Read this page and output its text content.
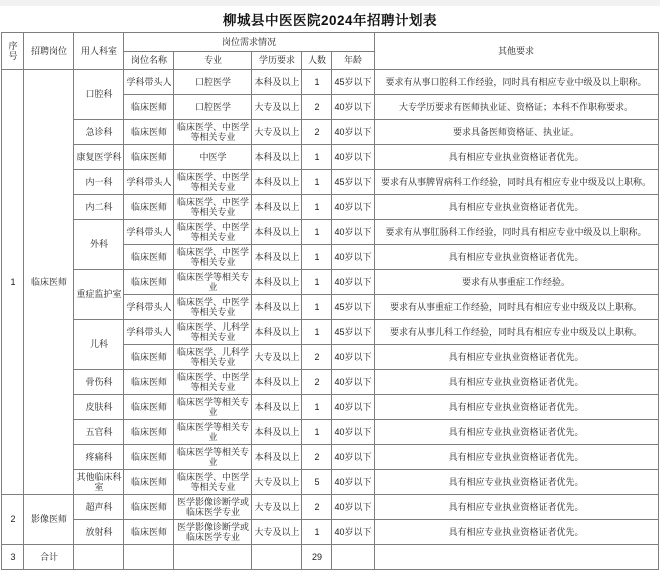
柳城县中医医院2024年招聘计划表
序号	招聘岗位	用人科室	岗位需求情况					其他要求
			岗位名称	专业	学历要求	人数	年龄	
1	临床医师	口腔科	学科带头人	口腔医学	本科及以上	1	45岁以下	要求有从事口腔科工作经验，同时具有相应专业中级及以上职称。
			临床医师	口腔医学	大专及以上	2	40岁以下	大专学历要求有医师执业证、资格证；本科不作职称要求。
		急诊科	临床医师	临床医学、中医学等相关专业	大专及以上	2	40岁以下	要求具备医师资格证、执业证。
		康复医学科	临床医师	中医学	本科及以上	1	40岁以下	具有相应专业执业资格证者优先。
		内一科	学科带头人	临床医学、中医学等相关专业	本科及以上	1	45岁以下	要求有从事脾胃病科工作经验，同时具有相应专业中级及以上职称。
		内二科	临床医师	临床医学、中医学等相关专业	本科及以上	1	40岁以下	具有相应专业执业资格证者优先。
		外科	学科带头人	临床医学、中医学等相关专业	本科及以上	1	40岁以下	要求有从事肛肠科工作经验，同时具有相应专业中级及以上职称。
			临床医师	临床医学、中医学等相关专业	本科及以上	1	40岁以下	具有相应专业执业资格证者优先。
		重症监护室	临床医师	临床医学等相关专业	本科及以上	1	40岁以下	要求有从事重症工作经验。
			学科带头人	临床医学、中医学等相关专业	本科及以上	1	45岁以下	要求有从事重症工作经验，同时具有相应专业中级及以上职称。
		儿科	学科带头人	临床医学、儿科学等相关专业	本科及以上	1	45岁以下	要求有从事儿科工作经验，同时具有相应专业中级及以上职称。
			临床医师	临床医学、儿科学等相关专业	大专及以上	2	40岁以下	具有相应专业执业资格证者优先。
		骨伤科	临床医师	临床医学、中医学等相关专业	本科及以上	2	40岁以下	具有相应专业执业资格证者优先。
		皮肤科	临床医师	临床医学等相关专业	本科及以上	1	40岁以下	具有相应专业执业资格证者优先。
		五官科	临床医师	临床医学等相关专业	本科及以上	1	40岁以下	具有相应专业执业资格证者优先。
		疼痛科	临床医师	临床医学等相关专业	本科及以上	2	40岁以下	具有相应专业执业资格证者优先。
		其他临床科室	临床医师	临床医学、中医学等相关专业	大专及以上	5	40岁以下	具有相应专业执业资格证者优先。
2	影像医师	超声科	临床医师	医学影像诊断学或临床医学专业	大专及以上	2	40岁以下	具有相应专业执业资格证者优先。
		放射科	临床医师	医学影像诊断学或临床医学专业	大专及以上	1	40岁以下	具有相应专业执业资格证者优先。
3	合计					29		
